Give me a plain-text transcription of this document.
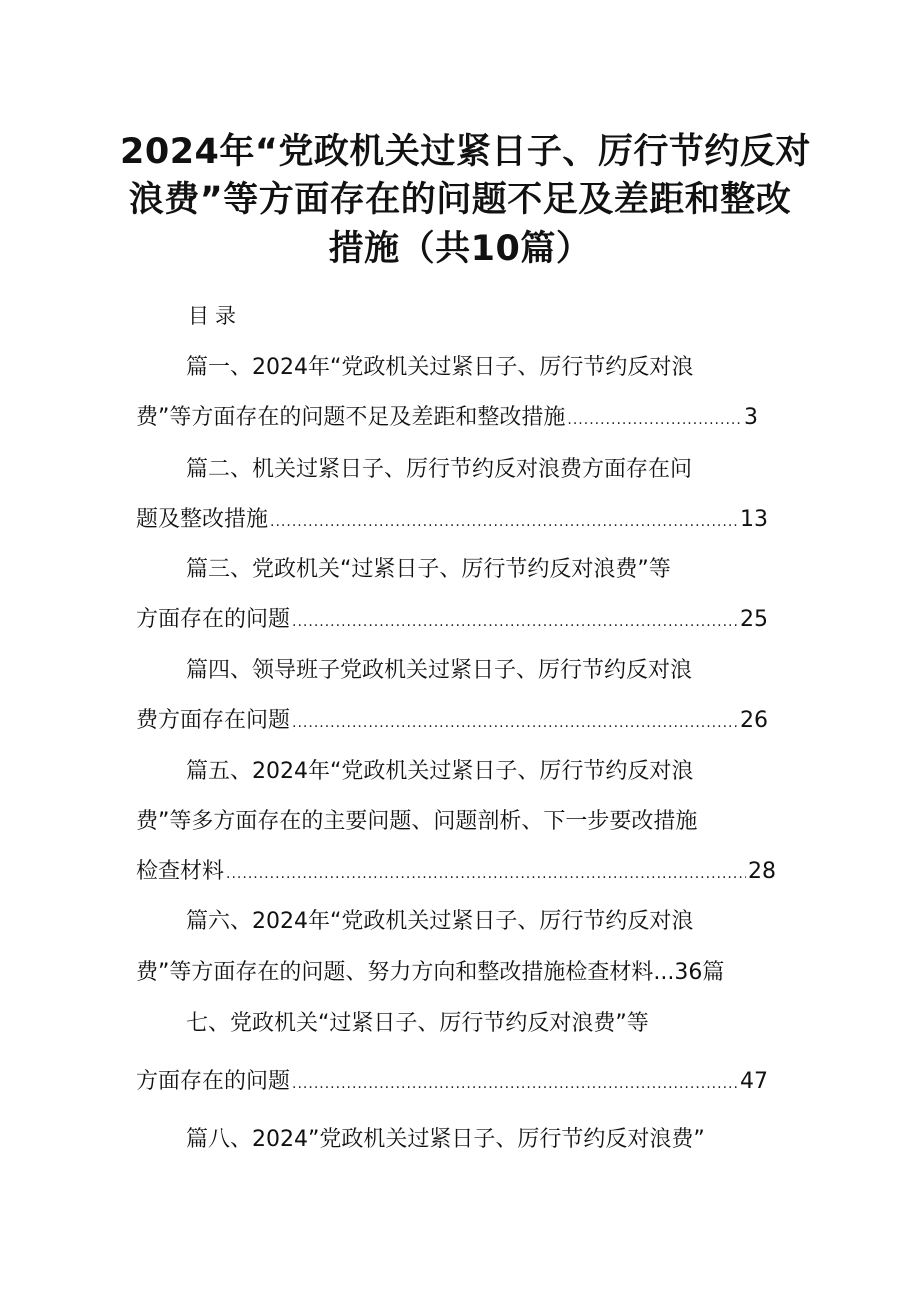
2024年“党政机关过紧日子、厉行节约反对
浪费”等方面存在的问题不足及差距和整改
措施（共10篇）
目录
篇一、2024年“党政机关过紧日子、厉行节约反对浪
费”等方面存在的问题不足及差距和整改措施 .....	3
篇二、机关过紧日子、厉行节约反对浪费方面存在问
题及整改措施 .....	13
篇三、党政机关“过紧日子、厉行节约反对浪费”等
方面存在的问题 .....	25
篇四、领导班子党政机关过紧日子、厉行节约反对浪
费方面存在问题 .....	26
篇五、2024年“党政机关过紧日子、厉行节约反对浪
费”等多方面存在的主要问题、问题剖析、下一步要改措施
检查材料 .....	28
篇六、2024年“党政机关过紧日子、厉行节约反对浪
费”等方面存在的问题、努力方向和整改措施检查材料...36篇
七、党政机关“过紧日子、厉行节约反对浪费”等
方面存在的问题 .....	47
篇八、2024”党政机关过紧日子、厉行节约反对浪费”
